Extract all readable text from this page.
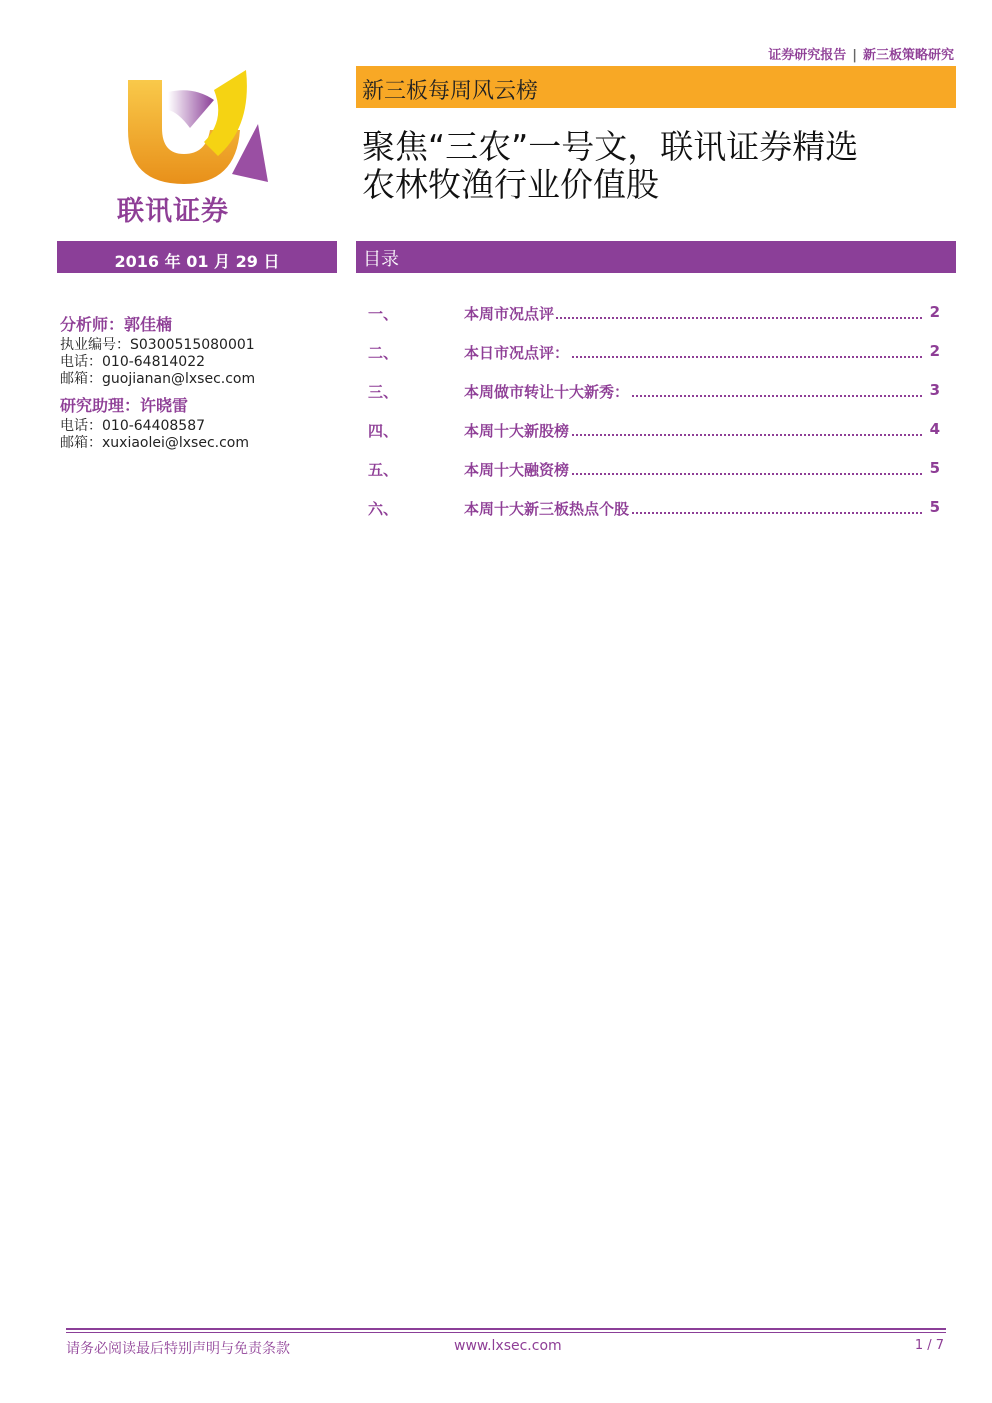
证券研究报告 | 新三板策略研究
联讯证券
新三板每周风云榜
聚焦“三农”一号文，联讯证券精选
农林牧渔行业价值股
2016 年 01 月 29 日	目录
分析师：郭佳楠
执业编号：S0300515080001
电话：010-64814022
邮箱：guojianan@lxsec.com
研究助理：许晓雷
电话：010-64408587
邮箱：xuxiaolei@lxsec.com
一、	本周市况点评	2
二、	本日市况点评：	2
三、	本周做市转让十大新秀：	3
四、	本周十大新股榜	4
五、	本周十大融资榜	5
六、	本周十大新三板热点个股	5
请务必阅读最后特别声明与免责条款	www.lxsec.com	1 / 7
